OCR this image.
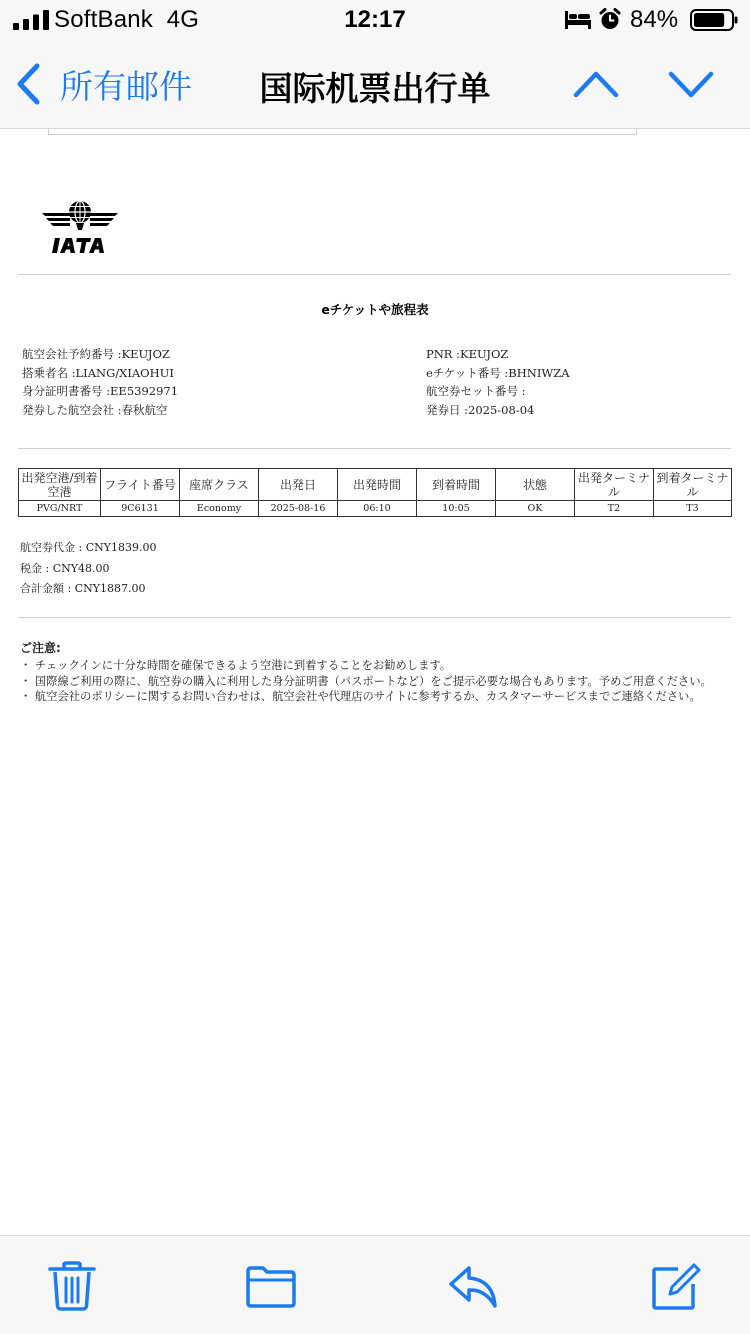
SoftBank  4G	12:17	84%
所有邮件 国际机票出行单
eチケットや旅程表
航空会社予約番号 :KEUJOZ
搭乗者名 :LIANG/XIAOHUI
身分証明書番号 :EE5392971
発券した航空会社 :春秋航空
PNR :KEUJOZ
eチケット番号 :BHNIWZA
航空券セット番号 :
発券日 :2025-08-04
出発空港/到着空港	フライト番号	座席クラス	出発日	出発時間	到着時間	状態	出発ターミナル	到着ターミナル
PVG/NRT	9C6131	Economy	2025-08-16	06:10	10:05	OK	T2	T3
航空券代金 : CNY1839.00
税金 : CNY48.00
合計金額 : CNY1887.00
ご注意:
・ チェックインに十分な時間を確保できるよう空港に到着することをお勧めします。
・ 国際線ご利用の際に、航空券の購入に利用した身分証明書（パスポートなど）をご提示必要な場合もあります。予めご用意ください。
・ 航空会社のポリシーに関するお問い合わせは、航空会社や代理店のサイトに参考するか、カスタマーサービスまでご連絡ください。
